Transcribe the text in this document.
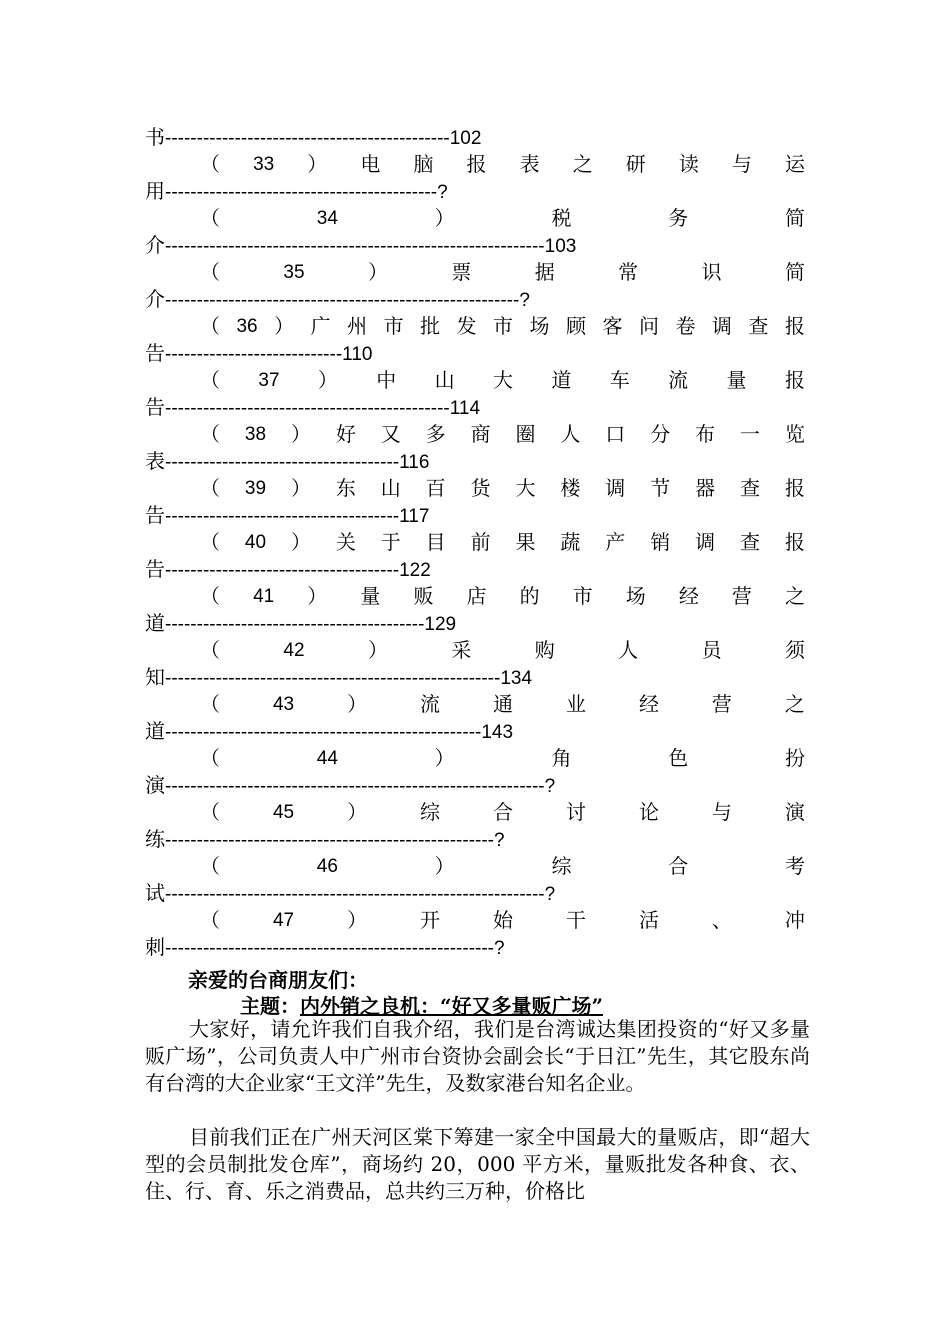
书---------------------------------------------102
（ 33 ） 电 脑 报 表 之 研 读 与 运
用-------------------------------------------?
（	34	）	税	务	简
介------------------------------------------------------------103
（	35	）	票	据	常	识	简
介--------------------------------------------------------?
（ 36 ） 广 州 市 批 发 市 场 顾 客 问 卷 调 查 报
告----------------------------110
（ 37 ） 中 山 大 道 车 流 量 报
告---------------------------------------------114
（ 38 ） 好 又 多 商 圈 人 口 分 布 一 览
表-------------------------------------116
（ 39 ） 东 山 百 货 大 楼 调 节 器 查 报
告-------------------------------------117
（ 40 ） 关 于 目 前 果 蔬 产 销 调 查 报
告-------------------------------------122
（ 41 ） 量 贩 店 的 市 场 经 营 之
道-----------------------------------------129
（	42	）	采	购	人	员	须
知-----------------------------------------------------134
（	43	）	流	通	业	经	营	之
道--------------------------------------------------143
（	44	）	角	色	扮
演------------------------------------------------------------?
（	45	）	综	合	讨	论	与	演
练----------------------------------------------------?
（	46	）	综	合	考
试------------------------------------------------------------?
（	47	）	开	始	干	活	、	冲
刺----------------------------------------------------?
亲爱的台商朋友们：
主题：内外销之良机：“好又多量贩广场”
大家好，请允许我们自我介绍，我们是台湾诚达集团投资的“好又多量贩广场”，公司负责人中广州市台资协会副会长“于日江”先生，其它股东尚有台湾的大企业家“王文洋”先生，及数家港台知名企业。
目前我们正在广州天河区棠下筹建一家全中国最大的量贩店，即“超大型的会员制批发仓库”，商场约 20，000 平方米，量贩批发各种食、衣、住、行、育、乐之消费品，总共约三万种，价格比
